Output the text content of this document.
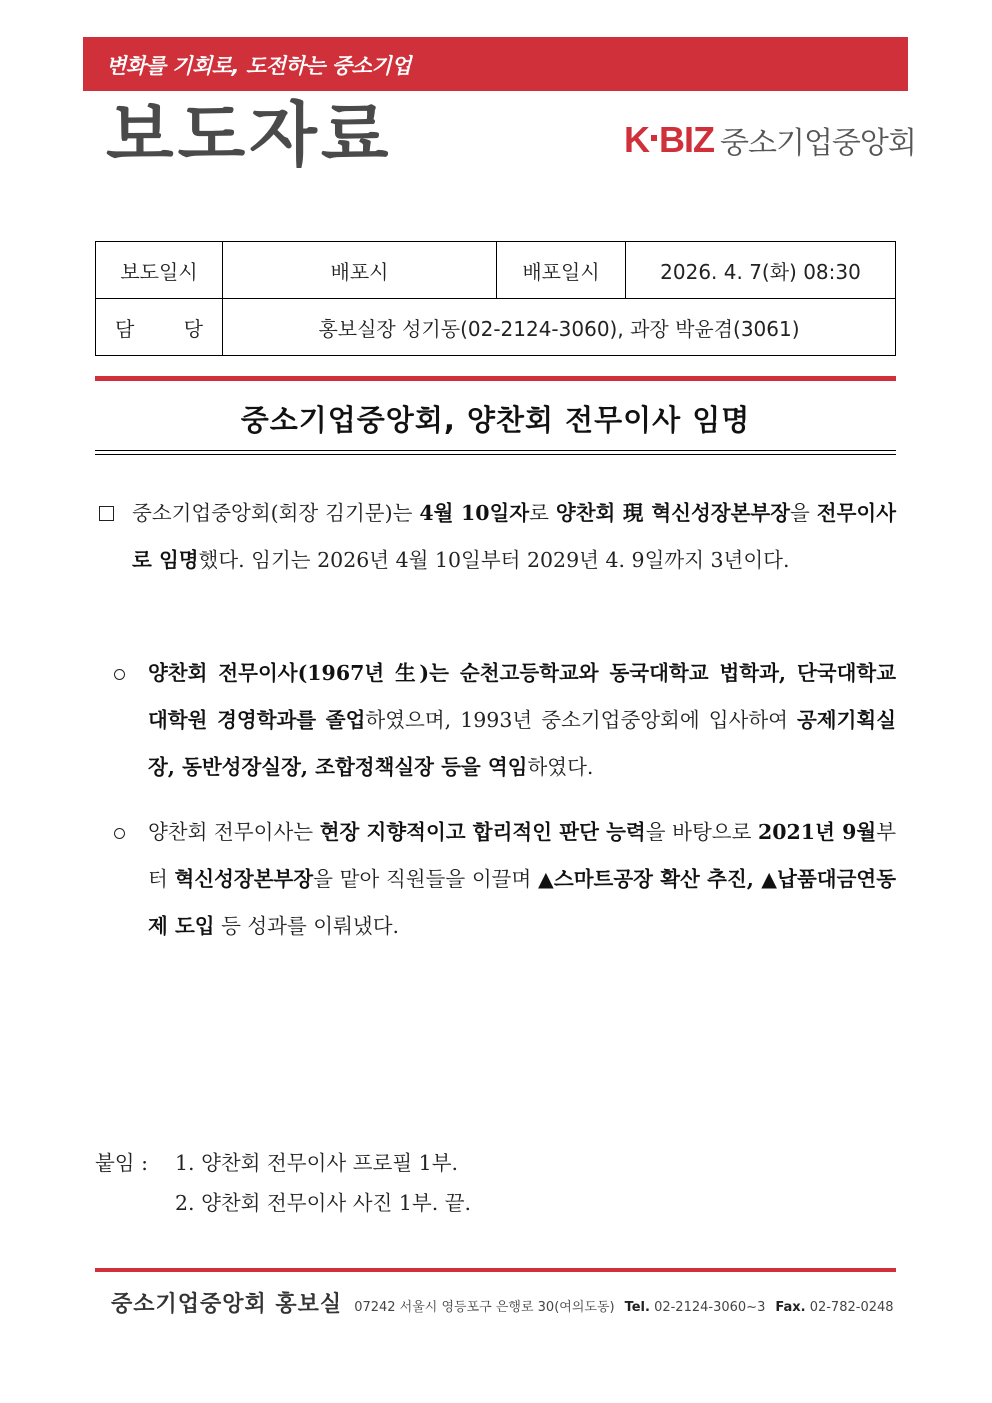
변화를 기회로, 도전하는 중소기업
보도자료	K BIZ 중소기업중앙회
보도일시	배포시	배포일시	2026. 4. 7(화) 08:30
담 당	홍보실장 성기동(02-2124-3060), 과장 박윤겸(3061)		
중소기업중앙회, 양찬회 전무이사 임명
중소기업중앙회(회장 김기문)는 4월 10일자로 양찬회 現 혁신성장본부장을 전무이사로 임명했다. 임기는 2026년 4월 10일부터 2029년 4. 9일까지 3년이다.
양찬회 전무이사(1967년 生)는 순천고등학교와 동국대학교 법학과, 단국대학교 대학원 경영학과를 졸업하였으며, 1993년 중소기업중앙회에 입사하여 공제기획실장, 동반성장실장, 조합정책실장 등을 역임하였다.
양찬회 전무이사는 현장 지향적이고 합리적인 판단 능력을 바탕으로 2021년 9월부터 혁신성장본부장을 맡아 직원들을 이끌며 ▲스마트공장 확산 추진, ▲납품대금연동제 도입 등 성과를 이뤄냈다.
붙임 : 1. 양찬회 전무이사 프로필 1부.
2. 양찬회 전무이사 사진 1부. 끝.
중소기업중앙회 홍보실 07242 서울시 영등포구 은행로 30(여의도동) Tel. 02-2124-3060~3 Fax. 02-782-0248
